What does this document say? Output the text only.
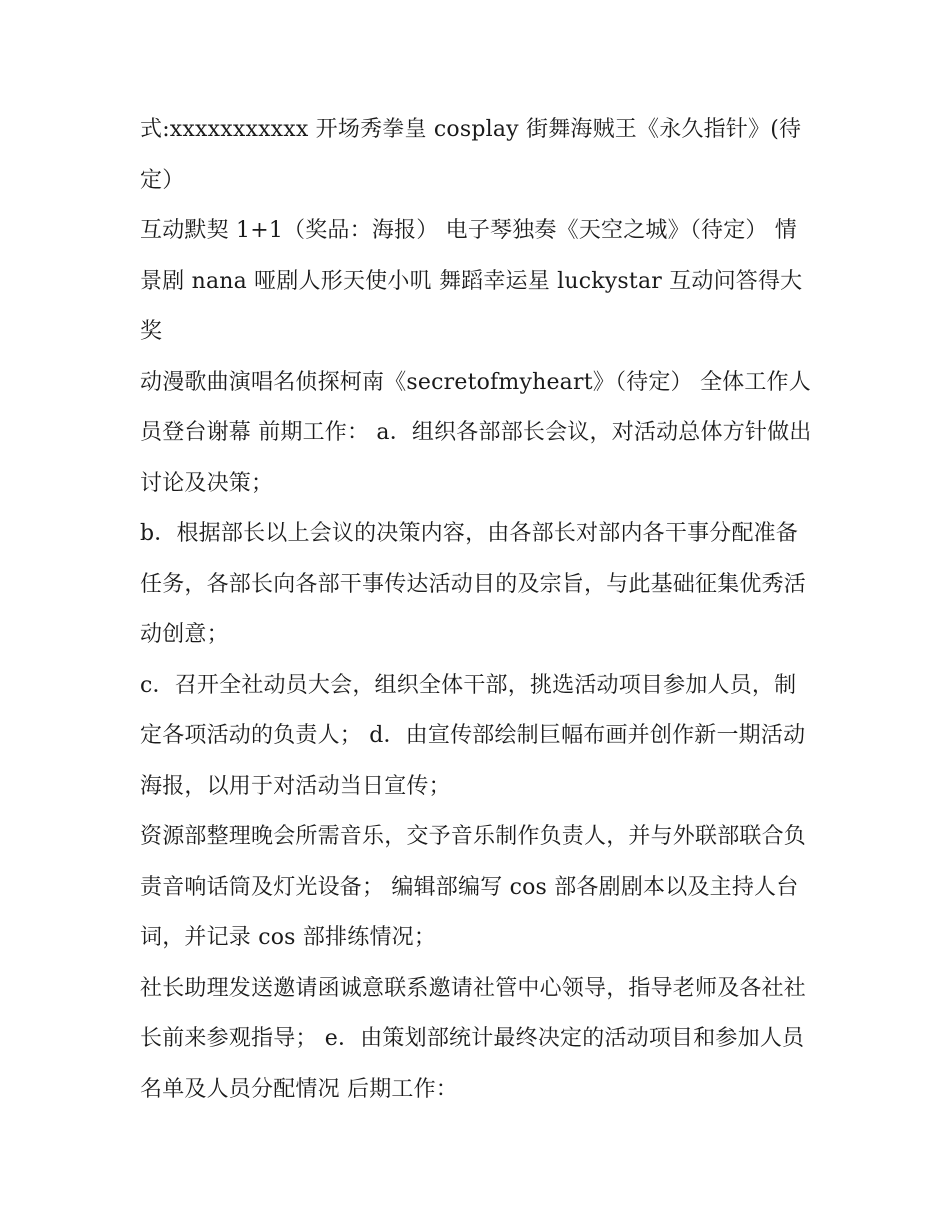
式:xxxxxxxxxxx 开场秀拳皇 cosplay 街舞海贼王《永久指针》(待定）

互动默契 1+1（奖品：海报） 电子琴独奏《天空之城》（待定） 情景剧 nana 哑剧人形天使小叽 舞蹈幸运星 luckystar 互动问答得大奖

动漫歌曲演唱名侦探柯南《secretofmyheart》（待定） 全体工作人员登台谢幕 前期工作： a．组织各部部长会议，对活动总体方针做出讨论及决策；

b．根据部长以上会议的决策内容，由各部长对部内各干事分配准备任务，各部长向各部干事传达活动目的及宗旨，与此基础征集优秀活动创意；

c．召开全社动员大会，组织全体干部，挑选活动项目参加人员，制定各项活动的负责人； d．由宣传部绘制巨幅布画并创作新一期活动海报，以用于对活动当日宣传；

资源部整理晚会所需音乐，交予音乐制作负责人，并与外联部联合负责音响话筒及灯光设备； 编辑部编写 cos 部各剧剧本以及主持人台词，并记录 cos 部排练情况；

社长助理发送邀请函诚意联系邀请社管中心领导，指导老师及各社社长前来参观指导； e．由策划部统计最终决定的活动项目和参加人员名单及人员分配情况 后期工作：
